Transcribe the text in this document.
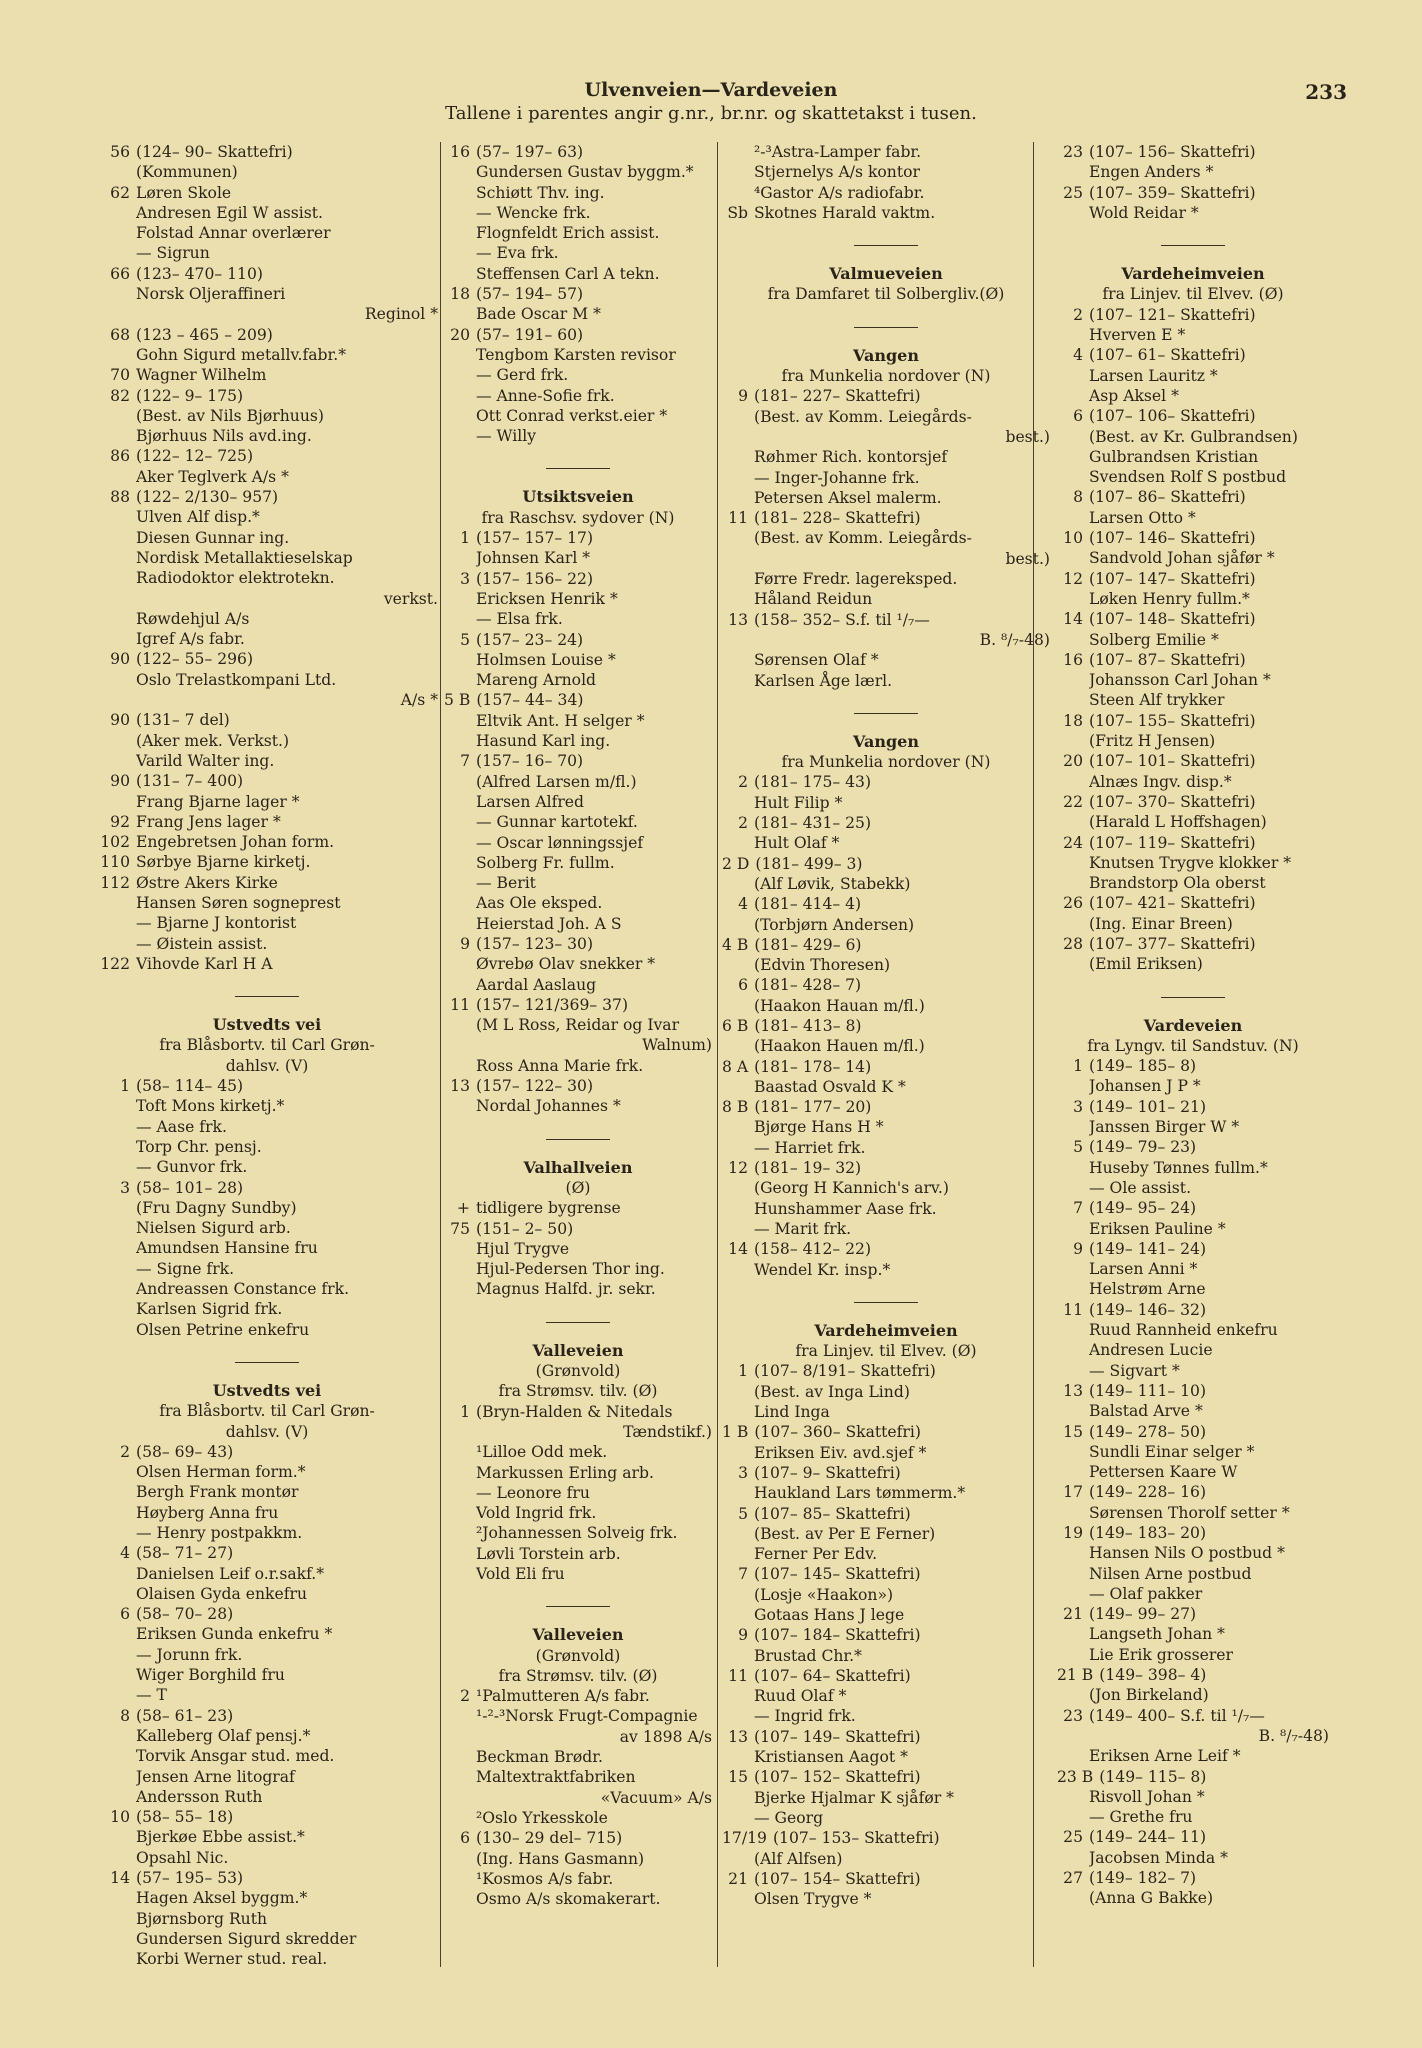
Ulvenveien—Vardeveien
Tallene i parentes angir g.nr., br.nr. og skattetakst i tusen.
233
56 (124– 90– Skattefri)
(Kommunen)
62 Løren Skole
Andresen Egil W assist.
Folstad Annar overlærer
— Sigrun
66 (123– 470– 110)
Norsk Oljeraffineri
Reginol *
68 (123 – 465 – 209)
Gohn Sigurd metallv.fabr.*
70 Wagner Wilhelm
82 (122– 9– 175)
(Best. av Nils Bjørhuus)
Bjørhuus Nils avd.ing.
86 (122– 12– 725)
Aker Teglverk A/s *
88 (122– 2/130– 957)
Ulven Alf disp.*
Diesen Gunnar ing.
Nordisk Metallaktieselskap
Radiodoktor elektrotekn.
verkst.
Røwdehjul A/s
Igref A/s fabr.
90 (122– 55– 296)
Oslo Trelastkompani Ltd.
A/s *
90 (131– 7 del)
(Aker mek. Verkst.)
Varild Walter ing.
90 (131– 7– 400)
Frang Bjarne lager *
92 Frang Jens lager *
102 Engebretsen Johan form.
110 Sørbye Bjarne kirketj.
112 Østre Akers Kirke
Hansen Søren sogneprest
— Bjarne J kontorist
— Øistein assist.
122 Vihovde Karl H A
Ustvedts vei
fra Blåsbortv. til Carl Grøn-
dahlsv. (V)
1 (58– 114– 45)
Toft Mons kirketj.*
— Aase frk.
Torp Chr. pensj.
— Gunvor frk.
3 (58– 101– 28)
(Fru Dagny Sundby)
Nielsen Sigurd arb.
Amundsen Hansine fru
— Signe frk.
Andreassen Constance frk.
Karlsen Sigrid frk.
Olsen Petrine enkefru
Ustvedts vei
fra Blåsbortv. til Carl Grøn-
dahlsv. (V)
2 (58– 69– 43)
Olsen Herman form.*
Bergh Frank montør
Høyberg Anna fru
— Henry postpakkm.
4 (58– 71– 27)
Danielsen Leif o.r.sakf.*
Olaisen Gyda enkefru
6 (58– 70– 28)
Eriksen Gunda enkefru *
— Jorunn frk.
Wiger Borghild fru
— T
8 (58– 61– 23)
Kalleberg Olaf pensj.*
Torvik Ansgar stud. med.
Jensen Arne litograf
Andersson Ruth
10 (58– 55– 18)
Bjerkøe Ebbe assist.*
Opsahl Nic.
14 (57– 195– 53)
Hagen Aksel byggm.*
Bjørnsborg Ruth
Gundersen Sigurd skredder
Korbi Werner stud. real.
16 (57– 197– 63)
Gundersen Gustav byggm.*
Schiøtt Thv. ing.
— Wencke frk.
Flognfeldt Erich assist.
— Eva frk.
Steffensen Carl A tekn.
18 (57– 194– 57)
Bade Oscar M *
20 (57– 191– 60)
Tengbom Karsten revisor
— Gerd frk.
— Anne-Sofie frk.
Ott Conrad verkst.eier *
— Willy
Utsiktsveien
fra Raschsv. sydover (N)
1 (157– 157– 17)
Johnsen Karl *
3 (157– 156– 22)
Ericksen Henrik *
— Elsa frk.
5 (157– 23– 24)
Holmsen Louise *
Mareng Arnold
5 B (157– 44– 34)
Eltvik Ant. H selger *
Hasund Karl ing.
7 (157– 16– 70)
(Alfred Larsen m/fl.)
Larsen Alfred
— Gunnar kartotekf.
— Oscar lønningssjef
Solberg Fr. fullm.
— Berit
Aas Ole eksped.
Heierstad Joh. A S
9 (157– 123– 30)
Øvrebø Olav snekker *
Aardal Aaslaug
11 (157– 121/369– 37)
(M L Ross, Reidar og Ivar
Walnum)
Ross Anna Marie frk.
13 (157– 122– 30)
Nordal Johannes *
Valhallveien
(Ø)
+ tidligere bygrense
75 (151– 2– 50)
Hjul Trygve
Hjul-Pedersen Thor ing.
Magnus Halfd. jr. sekr.
Valleveien
(Grønvold)
fra Strømsv. tilv. (Ø)
1 (Bryn-Halden & Nitedals
Tændstikf.)
¹Lilloe Odd mek.
Markussen Erling arb.
— Leonore fru
Vold Ingrid frk.
²Johannessen Solveig frk.
Løvli Torstein arb.
Vold Eli fru
Valleveien
(Grønvold)
fra Strømsv. tilv. (Ø)
2 ¹Palmutteren A/s fabr.
¹-²-³Norsk Frugt-Compagnie
av 1898 A/s
Beckman Brødr.
Maltextraktfabriken
«Vacuum» A/s
²Oslo Yrkesskole
6 (130– 29 del– 715)
(Ing. Hans Gasmann)
¹Kosmos A/s fabr.
Osmo A/s skomakerart.
²-³Astra-Lamper fabr.
Stjernelys A/s kontor
⁴Gastor A/s radiofabr.
Sb Skotnes Harald vaktm.
Valmueveien
fra Damfaret til Solbergliv.(Ø)
Vangen
fra Munkelia nordover (N)
9 (181– 227– Skattefri)
(Best. av Komm. Leiegårds-
best.)
Røhmer Rich. kontorsjef
— Inger-Johanne frk.
Petersen Aksel malerm.
11 (181– 228– Skattefri)
(Best. av Komm. Leiegårds-
best.)
Førre Fredr. lagereksped.
Håland Reidun
13 (158– 352– S.f. til ¹/₇—
B. ⁸/₇-48)
Sørensen Olaf *
Karlsen Åge lærl.
Vangen
fra Munkelia nordover (N)
2 (181– 175– 43)
Hult Filip *
2 (181– 431– 25)
Hult Olaf *
2 D (181– 499– 3)
(Alf Løvik, Stabekk)
4 (181– 414– 4)
(Torbjørn Andersen)
4 B (181– 429– 6)
(Edvin Thoresen)
6 (181– 428– 7)
(Haakon Hauan m/fl.)
6 B (181– 413– 8)
(Haakon Hauen m/fl.)
8 A (181– 178– 14)
Baastad Osvald K *
8 B (181– 177– 20)
Bjørge Hans H *
— Harriet frk.
12 (181– 19– 32)
(Georg H Kannich's arv.)
Hunshammer Aase frk.
— Marit frk.
14 (158– 412– 22)
Wendel Kr. insp.*
Vardeheimveien
fra Linjev. til Elvev. (Ø)
1 (107– 8/191– Skattefri)
(Best. av Inga Lind)
Lind Inga
1 B (107– 360– Skattefri)
Eriksen Eiv. avd.sjef *
3 (107– 9– Skattefri)
Haukland Lars tømmerm.*
5 (107– 85– Skattefri)
(Best. av Per E Ferner)
Ferner Per Edv.
7 (107– 145– Skattefri)
(Losje «Haakon»)
Gotaas Hans J lege
9 (107– 184– Skattefri)
Brustad Chr.*
11 (107– 64– Skattefri)
Ruud Olaf *
— Ingrid frk.
13 (107– 149– Skattefri)
Kristiansen Aagot *
15 (107– 152– Skattefri)
Bjerke Hjalmar K sjåfør *
— Georg
17/19 (107– 153– Skattefri)
(Alf Alfsen)
21 (107– 154– Skattefri)
Olsen Trygve *
23 (107– 156– Skattefri)
Engen Anders *
25 (107– 359– Skattefri)
Wold Reidar *
Vardeheimveien
fra Linjev. til Elvev. (Ø)
2 (107– 121– Skattefri)
Hverven E *
4 (107– 61– Skattefri)
Larsen Lauritz *
Asp Aksel *
6 (107– 106– Skattefri)
(Best. av Kr. Gulbrandsen)
Gulbrandsen Kristian
Svendsen Rolf S postbud
8 (107– 86– Skattefri)
Larsen Otto *
10 (107– 146– Skattefri)
Sandvold Johan sjåfør *
12 (107– 147– Skattefri)
Løken Henry fullm.*
14 (107– 148– Skattefri)
Solberg Emilie *
16 (107– 87– Skattefri)
Johansson Carl Johan *
Steen Alf trykker
18 (107– 155– Skattefri)
(Fritz H Jensen)
20 (107– 101– Skattefri)
Alnæs Ingv. disp.*
22 (107– 370– Skattefri)
(Harald L Hoffshagen)
24 (107– 119– Skattefri)
Knutsen Trygve klokker *
Brandstorp Ola oberst
26 (107– 421– Skattefri)
(Ing. Einar Breen)
28 (107– 377– Skattefri)
(Emil Eriksen)
Vardeveien
fra Lyngv. til Sandstuv. (N)
1 (149– 185– 8)
Johansen J P *
3 (149– 101– 21)
Janssen Birger W *
5 (149– 79– 23)
Huseby Tønnes fullm.*
— Ole assist.
7 (149– 95– 24)
Eriksen Pauline *
9 (149– 141– 24)
Larsen Anni *
Helstrøm Arne
11 (149– 146– 32)
Ruud Rannheid enkefru
Andresen Lucie
— Sigvart *
13 (149– 111– 10)
Balstad Arve *
15 (149– 278– 50)
Sundli Einar selger *
Pettersen Kaare W
17 (149– 228– 16)
Sørensen Thorolf setter *
19 (149– 183– 20)
Hansen Nils O postbud *
Nilsen Arne postbud
— Olaf pakker
21 (149– 99– 27)
Langseth Johan *
Lie Erik grosserer
21 B (149– 398– 4)
(Jon Birkeland)
23 (149– 400– S.f. til ¹/₇—
B. ⁸/₇-48)
Eriksen Arne Leif *
23 B (149– 115– 8)
Risvoll Johan *
— Grethe fru
25 (149– 244– 11)
Jacobsen Minda *
27 (149– 182– 7)
(Anna G Bakke)
